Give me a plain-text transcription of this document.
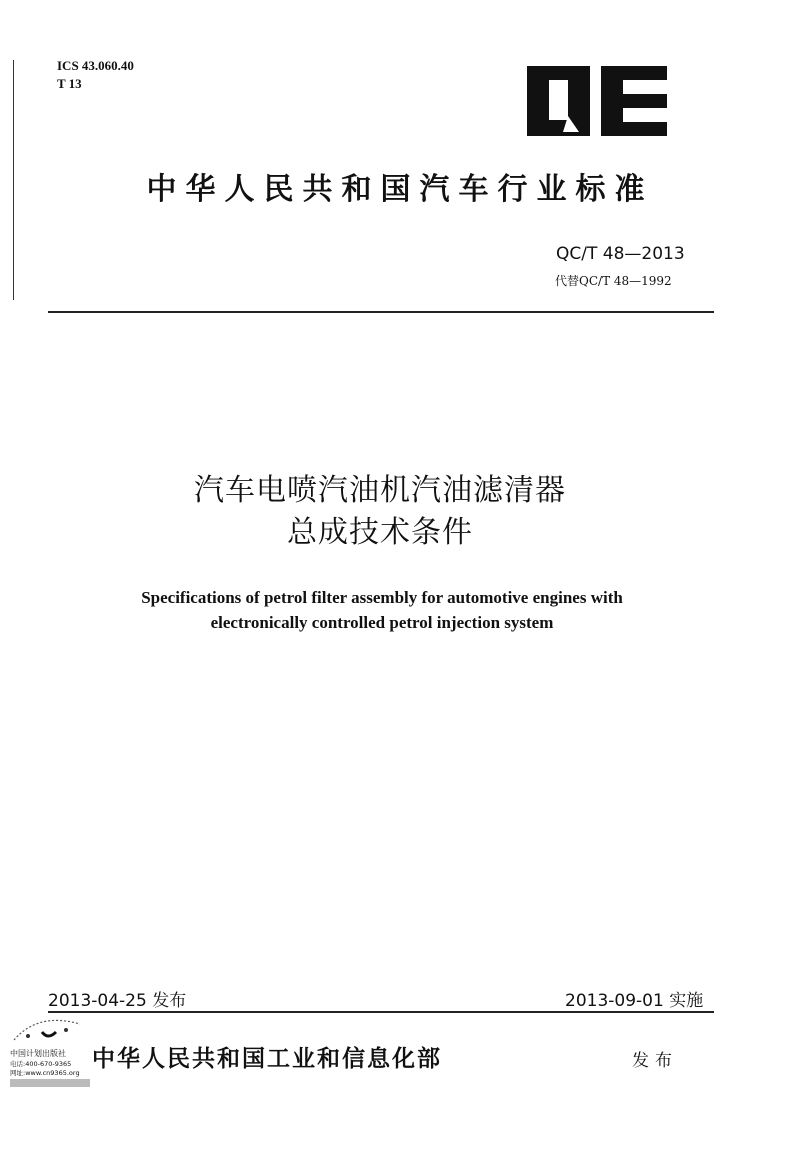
ICS 43.060.40
T 13
中华人民共和国汽车行业标准
QC/T 48—2013
代替QC/T 48—1992
汽车电喷汽油机汽油滤清器
总成技术条件
Specifications of petrol filter assembly for automotive engines with
electronically controlled petrol injection system
2013-04-25 发布	2013-09-01 实施
中国计划出版社
电话:400-670-9365
网址:www.cn9365.org
中华人民共和国工业和信息化部	发布
